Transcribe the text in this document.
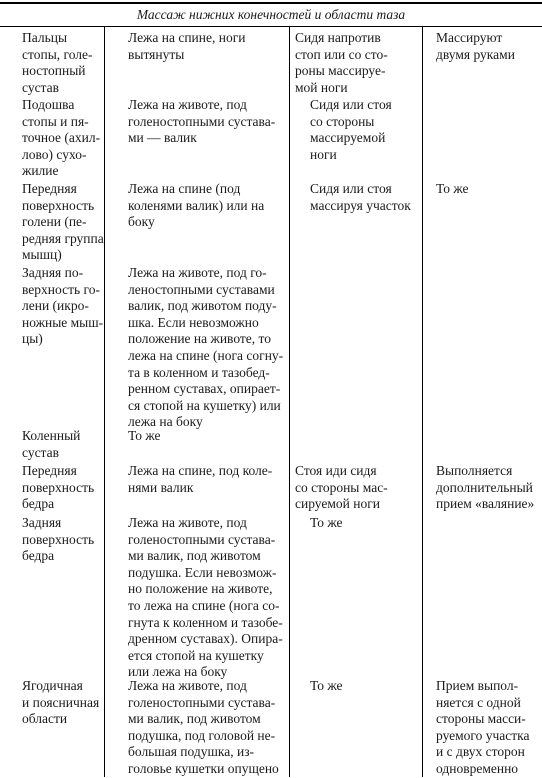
Массаж нижних конечностей и области таза
Пальцы
стопы, голе-
ностопный
сустав
Лежа на спине, ноги
вытянуты
Сидя напротив
стоп или со сто-
роны массируе-
мой ноги
Массируют
двумя руками
Подошва
стопы и пя-
точное (ахил-
лово) сухо-
жилие
Лежа на животе, под
голеностопными сустава-
ми — валик
Сидя или стоя
со стороны
массируемой
ноги
Передняя
поверхность
голени (пе-
редняя группа
мышц)
Лежа на спине (под
коленями валик) или на
боку
Сидя или стоя
массируя участок
То же
Задняя по-
верхность го-
лени (икро-
ножные мыш-
цы)
Лежа на животе, под го-
леностопными суставами
валик, под животом поду-
шка. Если невозможно
положение на животе, то
лежа на спине (нога согну-
та в коленном и тазобед-
ренном суставах, опирает-
ся стопой на кушетку) или
лежа на боку
Коленный
сустав
То же
Передняя
поверхность
бедра
Лежа на спине, под коле-
нями валик
Стоя иди сидя
со стороны мас-
сируемой ноги
Выполняется
дополнительный
прием «валяние»
Задняя
поверхность
бедра
Лежа на животе, под
голеностопными сустава-
ми валик, под животом
подушка. Если невозмож-
но положение на животе,
то лежа на спине (нога со-
гнута к коленном и тазобе-
дренном суставах). Опира-
ется стопой на кушетку
или лежа на боку
То же
Ягодичная
и поясничная
области
Лежа на животе, под
голеностопными сустава-
ми валик, под животом
подушка, под головой не-
большая подушка, из-
головье кушетки опущено
То же	Прием выпол-
няется с одной
стороны масси-
руемого участка
и с двух сторон
одновременно
